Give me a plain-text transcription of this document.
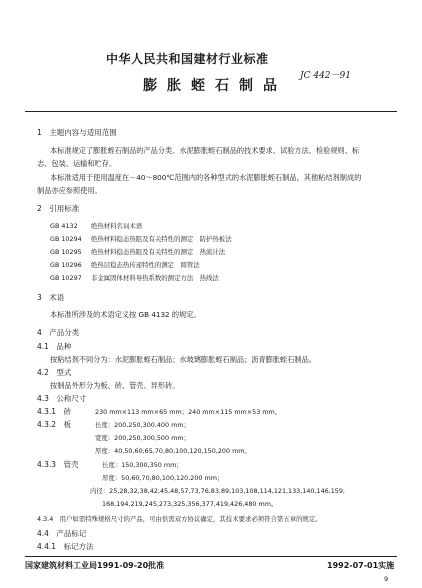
中华人民共和国建材行业标准
膨胀蛭石制品
JC 442－91
1　主题内容与适用范围
本标准规定了膨胀蛭石制品的产品分类、水泥膨胀蛭石制品的技术要求、试验方法、检验规则、标
志、包装、运输和贮存。
本标准适用于使用温度在－40～800℃范围内的各种型式的水泥膨胀蛭石制品，其他粘结剂制成的
制品亦应参照使用。
2　引用标准
GB 4132 绝热材料名词术语
GB 10294 绝热材料稳态热阻及有关特性的测定　防护热板法
GB 10295 绝热材料稳态热阻及有关特性的测定　热流计法
GB 10296 绝热层稳态热传递特性的测定　圆管法
GB 10297 非金属固体材料导热系数的测定方法　热线法
3　术语
本标准所涉及的术语定义按 GB 4132 的规定。
4　产品分类
4.1　品种
按粘结剂不同分为：水泥膨胀蛭石制品；水玻璃膨胀蛭石制品；沥青膨胀蛭石制品。
4.2　型式
按制品外形分为板、砖、管壳、异形砖。
4.3　公称尺寸
4.3.1　砖	230 mm×113 mm×65 mm；240 mm×115 mm×53 mm。
4.3.2　板	长度：200,250,300,400 mm；
宽度：200,250,300,500 mm；
厚度：40,50,60,65,70,80,100,120,150,200 mm。
4.3.3　管壳	长度：150,300,350 mm；
厚度：50,60,70,80,100,120,200 mm；
内径：25,28,32,38,42,45,48,57,73,76,83,89,103,108,114,121,133,140,146,159,
168,194,219,245,273,325,356,377,419,426,480 mm。
4.3.4　用户如需特殊规格尺寸的产品，可由供需双方协议确定，其技术要求必须符合第五章的规定。
4.4　产品标记
4.4.1　标记方法
国家建筑材料工业局1991-09-20批准	1992-07-01实施
9
